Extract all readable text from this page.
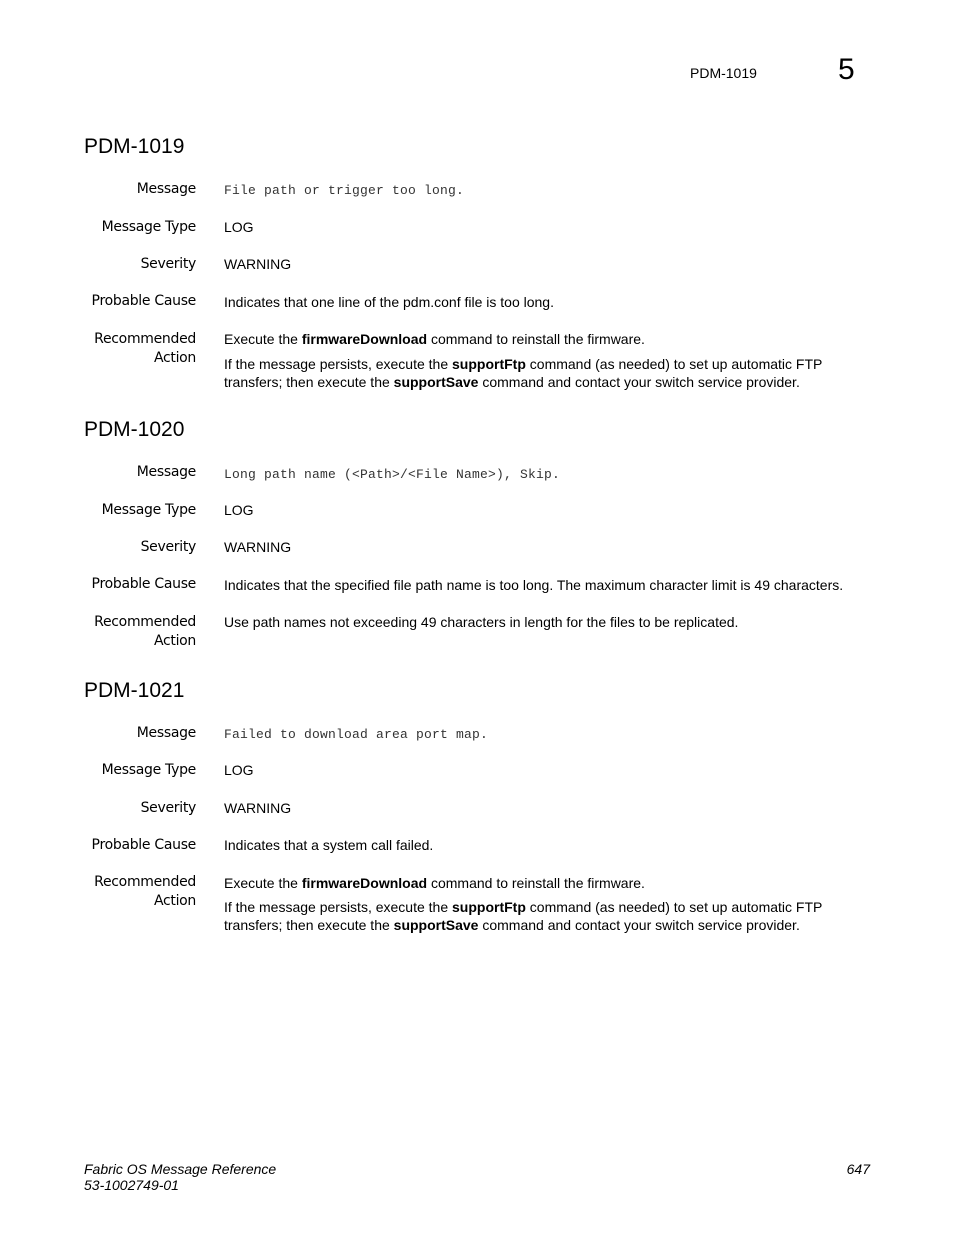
PDM-1019	5
PDM-1019
Message File path or trigger too long.
Message Type LOG
Severity WARNING
Probable Cause Indicates that one line of the pdm.conf file is too long.
Recommended
Action
Execute the firmwareDownload command to reinstall the firmware.
If the message persists, execute the supportFtp command (as needed) to set up automatic FTP transfers; then execute the supportSave command and contact your switch service provider.
PDM-1020
Message Long path name (<Path>/<File Name>), Skip.
Message Type LOG
Severity WARNING
Probable Cause Indicates that the specified file path name is too long. The maximum character limit is 49 characters.
Recommended
Action
Use path names not exceeding 49 characters in length for the files to be replicated.
PDM-1021
Message Failed to download area port map.
Message Type LOG
Severity WARNING
Probable Cause Indicates that a system call failed.
Recommended
Action
Execute the firmwareDownload command to reinstall the firmware.
If the message persists, execute the supportFtp command (as needed) to set up automatic FTP transfers; then execute the supportSave command and contact your switch service provider.
Fabric OS Message Reference
53-1002749-01
647
